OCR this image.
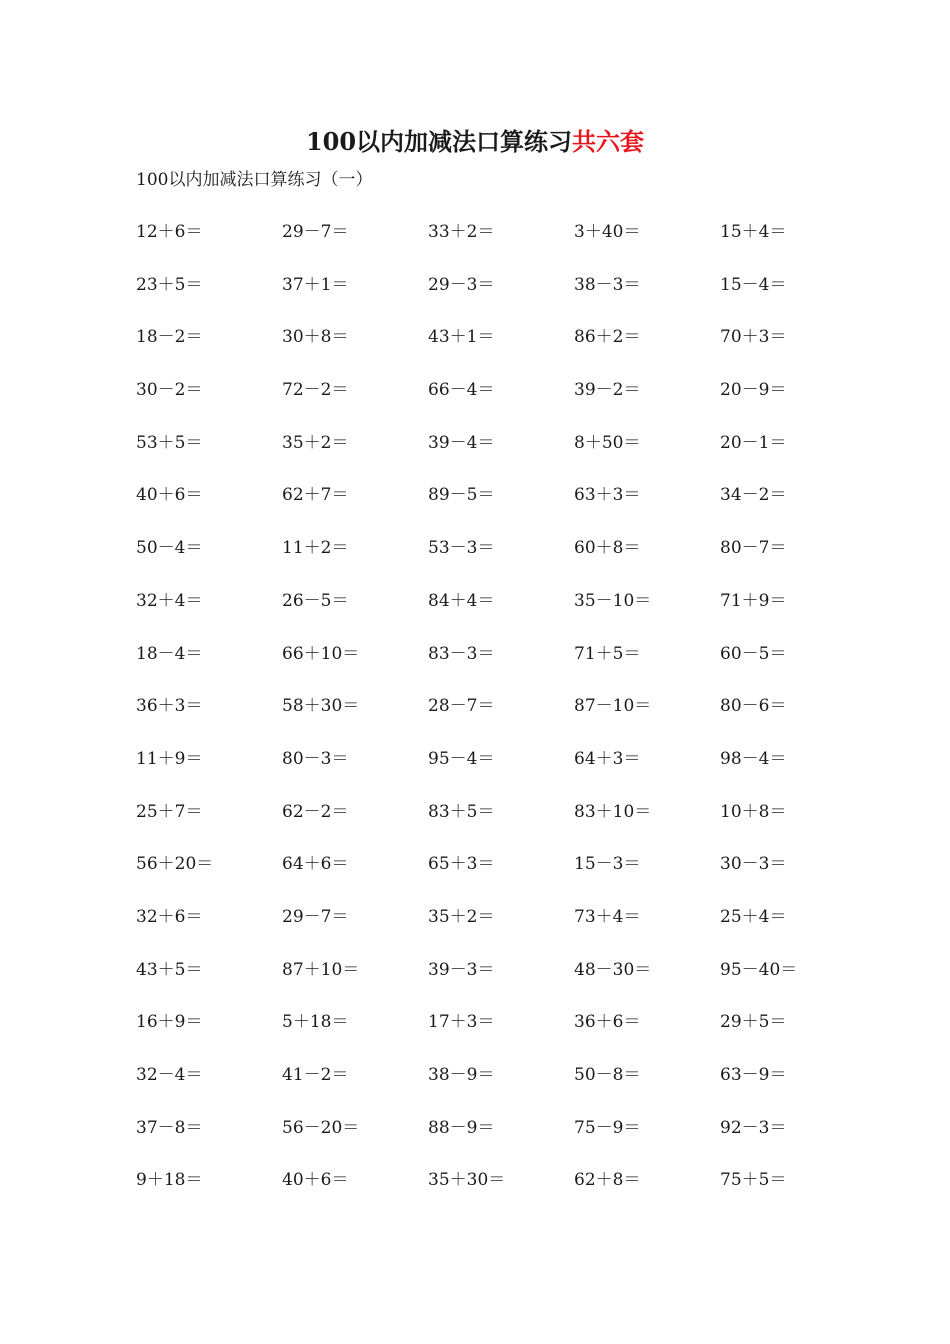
100以内加减法口算练习共六套
100以内加减法口算练习（一）
12＋6＝	29－7＝	33＋2＝	3＋40＝	15＋4＝
23＋5＝	37＋1＝	29－3＝	38－3＝	15－4＝
18－2＝	30＋8＝	43＋1＝	86＋2＝	70＋3＝
30－2＝	72－2＝	66－4＝	39－2＝	20－9＝
53＋5＝	35＋2＝	39－4＝	8＋50＝	20－1＝
40＋6＝	62＋7＝	89－5＝	63＋3＝	34－2＝
50－4＝	11＋2＝	53－3＝	60＋8＝	80－7＝
32＋4＝	26－5＝	84＋4＝	35－10＝	71＋9＝
18－4＝	66＋10＝	83－3＝	71＋5＝	60－5＝
36＋3＝	58＋30＝	28－7＝	87－10＝	80－6＝
11＋9＝	80－3＝	95－4＝	64＋3＝	98－4＝
25＋7＝	62－2＝	83＋5＝	83＋10＝	10＋8＝
56＋20＝	64＋6＝	65＋3＝	15－3＝	30－3＝
32＋6＝	29－7＝	35＋2＝	73＋4＝	25＋4＝
43＋5＝	87＋10＝	39－3＝	48－30＝	95－40＝
16＋9＝	5＋18＝	17＋3＝	36＋6＝	29＋5＝
32－4＝	41－2＝	38－9＝	50－8＝	63－9＝
37－8＝	56－20＝	88－9＝	75－9＝	92－3＝
9＋18＝	40＋6＝	35＋30＝	62＋8＝	75＋5＝
